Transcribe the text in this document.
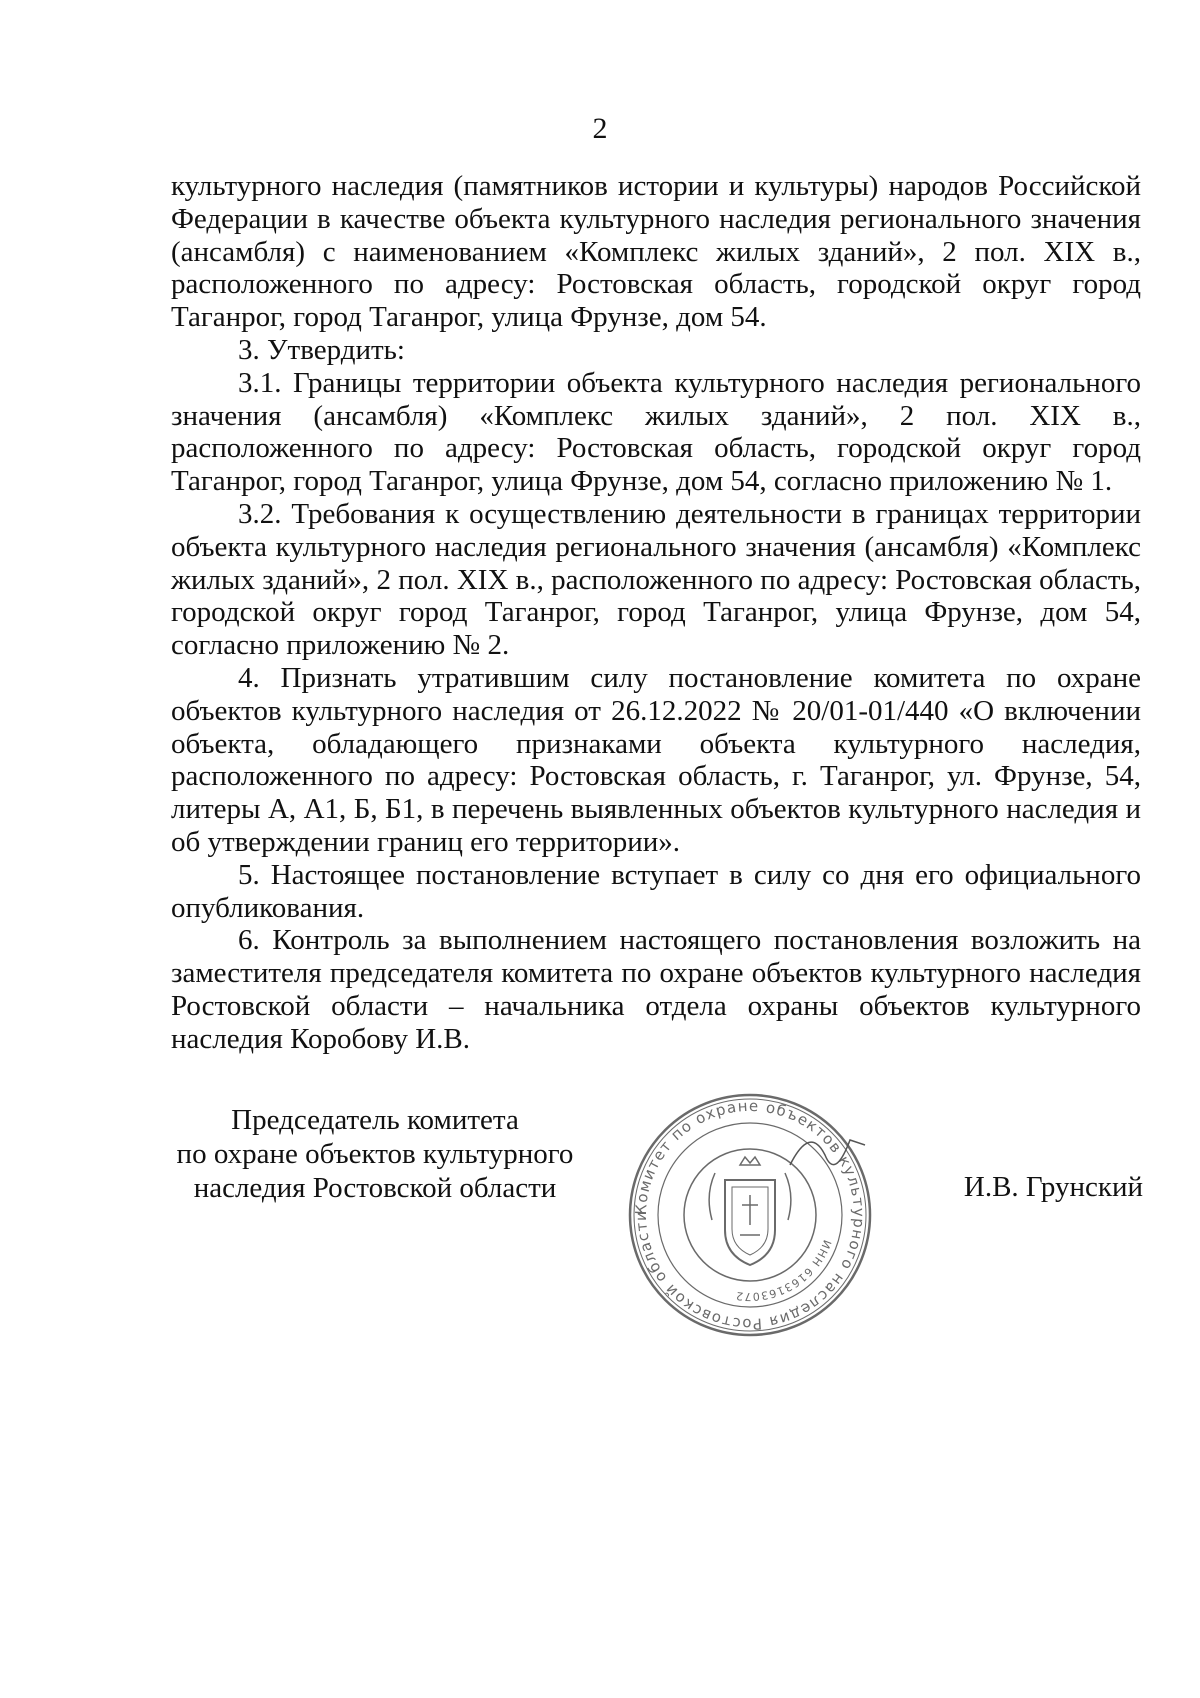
2

культурного наследия (памятников истории и культуры) народов Российской Федерации в качестве объекта культурного наследия регионального значения (ансамбля) с наименованием «Комплекс жилых зданий», 2 пол. XIX в., расположенного по адресу: Ростовская область, городской округ город Таганрог, город Таганрог, улица Фрунзе, дом 54.

3. Утвердить:

3.1. Границы территории объекта культурного наследия регионального значения (ансамбля) «Комплекс жилых зданий», 2 пол. XIX в., расположенного по адресу: Ростовская область, городской округ город Таганрог, город Таганрог, улица Фрунзе, дом 54, согласно приложению № 1.

3.2. Требования к осуществлению деятельности в границах территории объекта культурного наследия регионального значения (ансамбля) «Комплекс жилых зданий», 2 пол. XIX в., расположенного по адресу: Ростовская область, городской округ город Таганрог, город Таганрог, улица Фрунзе, дом 54, согласно приложению № 2.

4. Признать утратившим силу постановление комитета по охране объектов культурного наследия от 26.12.2022 № 20/01-01/440 «О включении объекта, обладающего признаками объекта культурного наследия, расположенного по адресу: Ростовская область, г. Таганрог, ул. Фрунзе, 54, литеры А, А1, Б, Б1, в перечень выявленных объектов культурного наследия и об утверждении границ его территории».

5. Настоящее постановление вступает в силу со дня его официального опубликования.

6. Контроль за выполнением настоящего постановления возложить на заместителя председателя комитета по охране объектов культурного наследия Ростовской области – начальника отдела охраны объектов культурного наследия Коробову И.В.

Председатель комитета
по охране объектов культурного
наследия Ростовской области
Комитет по охране объектов культурного наследия Ростовской области
ИНН 6163163072
И.В. Грунский
